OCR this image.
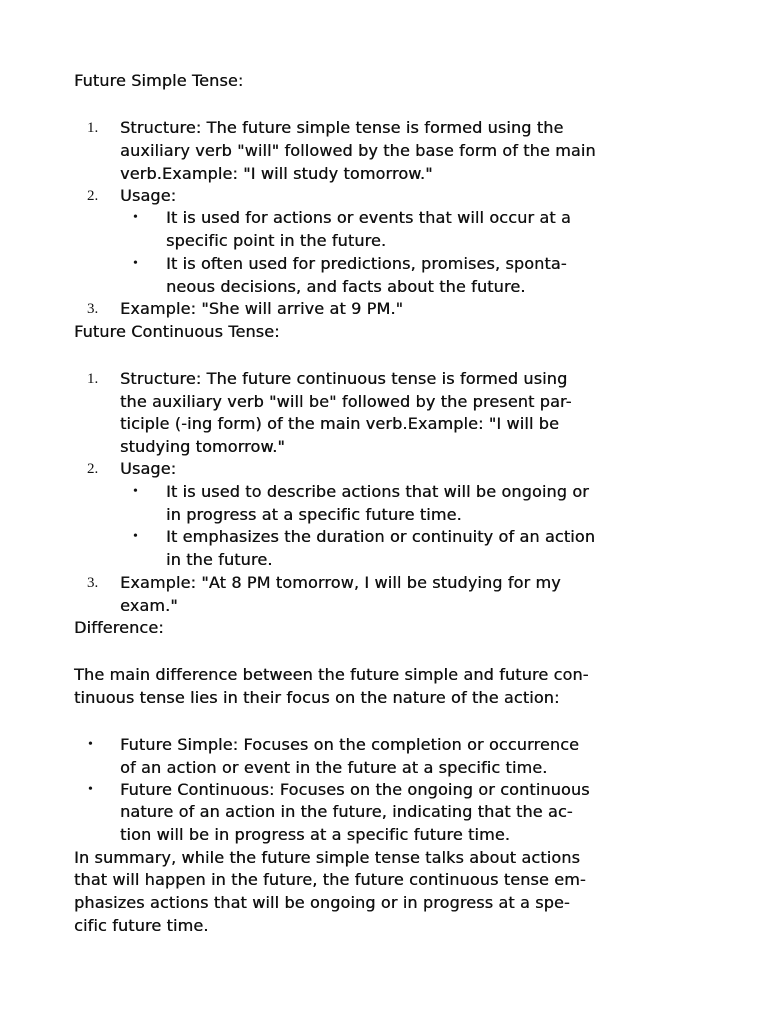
Future Simple Tense:
1. Structure: The future simple tense is formed using the
auxiliary verb "will" followed by the base form of the main
verb.Example: "I will study tomorrow."
2. Usage:
• It is used for actions or events that will occur at a
specific point in the future.
• It is often used for predictions, promises, sponta-
neous decisions, and facts about the future.
3. Example: "She will arrive at 9 PM."
Future Continuous Tense:
1. Structure: The future continuous tense is formed using
the auxiliary verb "will be" followed by the present par-
ticiple (-ing form) of the main verb.Example: "I will be
studying tomorrow."
2. Usage:
• It is used to describe actions that will be ongoing or
in progress at a specific future time.
• It emphasizes the duration or continuity of an action
in the future.
3. Example: "At 8 PM tomorrow, I will be studying for my
exam."
Difference:
The main difference between the future simple and future con-
tinuous tense lies in their focus on the nature of the action:
• Future Simple: Focuses on the completion or occurrence
of an action or event in the future at a specific time.
• Future Continuous: Focuses on the ongoing or continuous
nature of an action in the future, indicating that the ac-
tion will be in progress at a specific future time.
In summary, while the future simple tense talks about actions
that will happen in the future, the future continuous tense em-
phasizes actions that will be ongoing or in progress at a spe-
cific future time.
